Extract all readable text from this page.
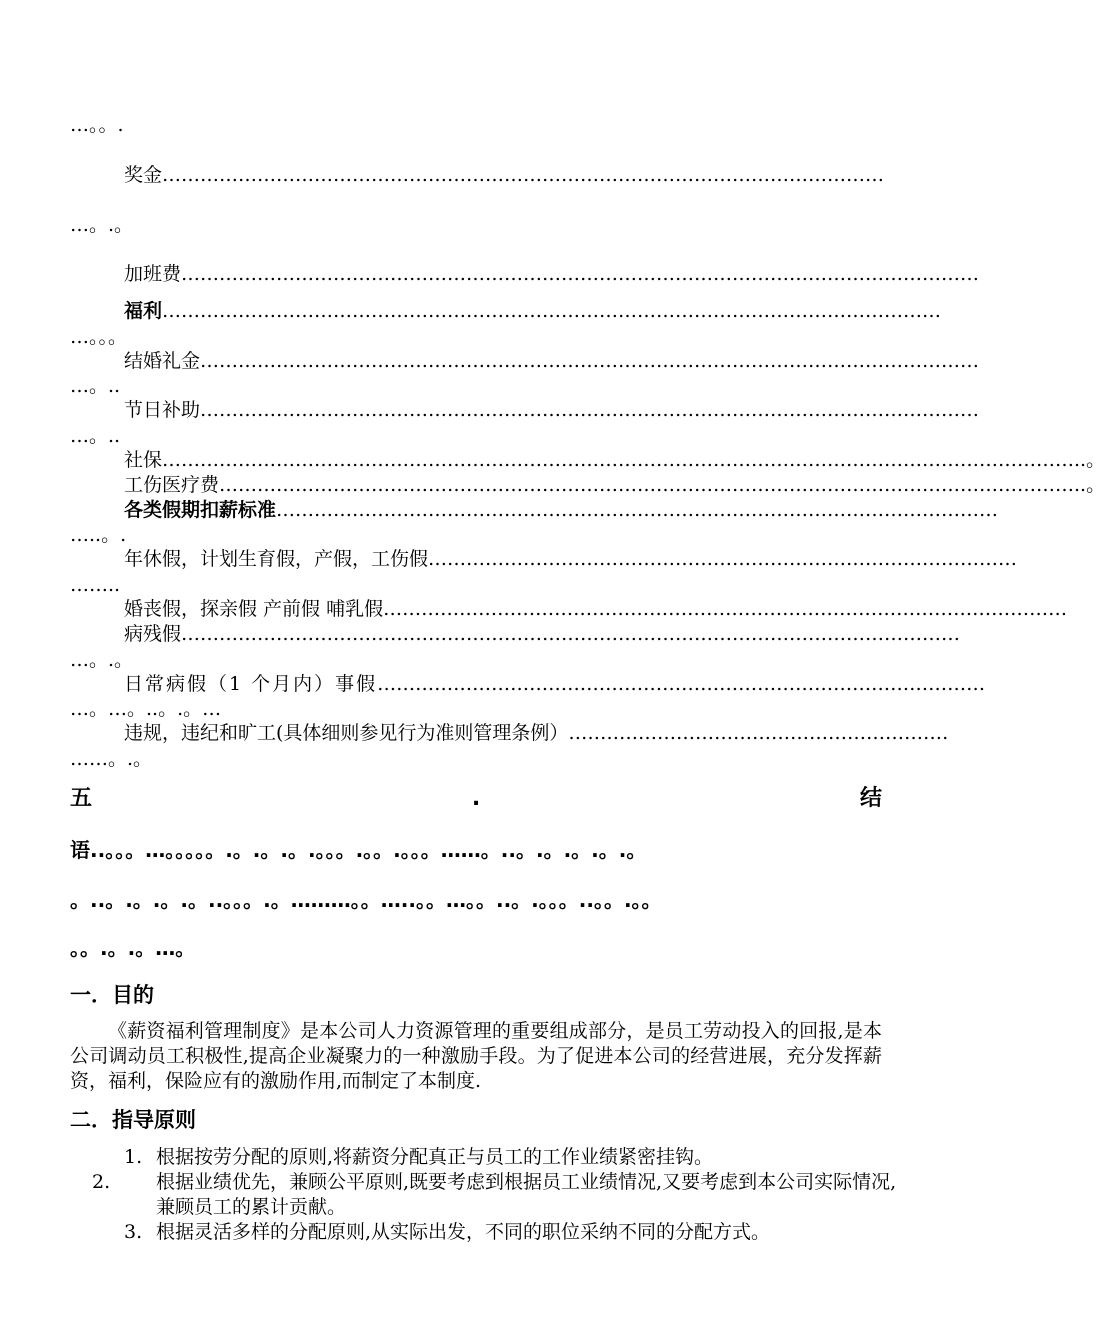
…。。.
奖金 ……………………………………………………………………………………………………
…。.。
加班费 ………………………………………………………………………………………………………………
福利 ……………………………………………………………………………………………………………
…。。。
结婚礼金 ……………………………………………………………………………………………………………
…。..
节日补助 ……………………………………………………………………………………………………………
…。..
社保 ……………………………………………………………………………………………………………………………… ..。
工伤医疗费 ……………………………………………………………………………………………………………………… ..。
各类假期扣薪标准 ……………………………………………………………………………………………………
…..。.
年休假，计划生育假，产假，工伤假 …………………………………………………………………………………
……..
婚丧假，探亲假 产前假 哺乳假 ………………………………………………………………………………………………
病残假 ……………………………………………………………………………………………………………
…。.。
日常病假（1 个月内）事假 ……………………………………………………………………………………
…。…。..。.。…
违规，违纪和旷工(具体细则参见行为准则管理条例） ……………………………………………………
……。.。
五	.	结
语..。。。…。。。。。.。.。.。.。。。.。。.。。。……。..。.。.。.。.。
。..。.。.。.。..。。。.。………。。…..。。…。。..。.。。。..。。.。。
。。.。.。…。
一．目的
《薪资福利管理制度》是本公司人力资源管理的重要组成部分，是员工劳动投入的回报,是本公司调动员工积极性,提高企业凝聚力的一种激励手段。为了促进本公司的经营进展，充分发挥薪资，福利，保险应有的激励作用,而制定了本制度.
二．指导原则
1. 根据按劳分配的原则,将薪资分配真正与员工的工作业绩紧密挂钩。
2. 根据业绩优先，兼顾公平原则,既要考虑到根据员工业绩情况,又要考虑到本公司实际情况,兼顾员工的累计贡献。
3. 根据灵活多样的分配原则,从实际出发，不同的职位采纳不同的分配方式。
